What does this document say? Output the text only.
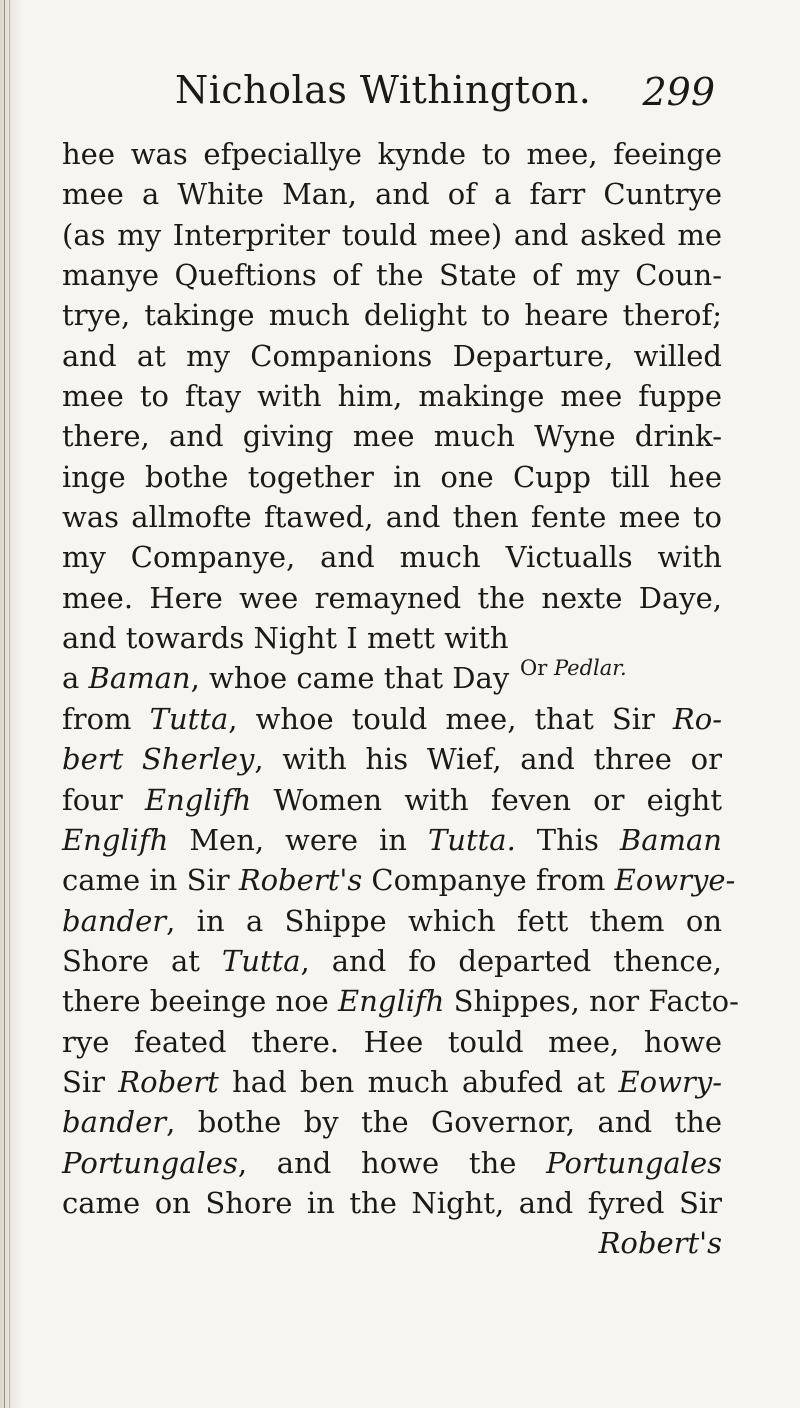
Nicholas Withington. 299
Or Pedlar.
hee was efpeciallye kynde to mee, feeinge
mee a White Man, and of a farr Cuntrye
(as my Interpriter tould mee) and asked me
manye Queftions of the State of my Coun-
trye, takinge much delight to heare therof;
and at my Companions Departure, willed
mee to ftay with him, makinge mee fuppe
there, and giving mee much Wyne drink-
inge bothe together in one Cupp till hee
was allmofte ftawed, and then fente mee to
my Companye, and much Victualls with
mee. Here wee remayned the nexte Daye,
and towards Night I mett with
a Baman, whoe came that Day
from Tutta, whoe tould mee, that Sir Ro-
bert Sherley, with his Wief, and three or
four Englifh Women with feven or eight
Englifh Men, were in Tutta. This Baman
came in Sir Robert's Companye from Eowrye-
bander, in a Shippe which fett them on
Shore at Tutta, and fo departed thence,
there beeinge noe Englifh Shippes, nor Facto-
rye feated there. Hee tould mee, howe
Sir Robert had ben much abufed at Eowry-
bander, bothe by the Governor, and the
Portungales, and howe the Portungales
came on Shore in the Night, and fyred Sir
Robert's
